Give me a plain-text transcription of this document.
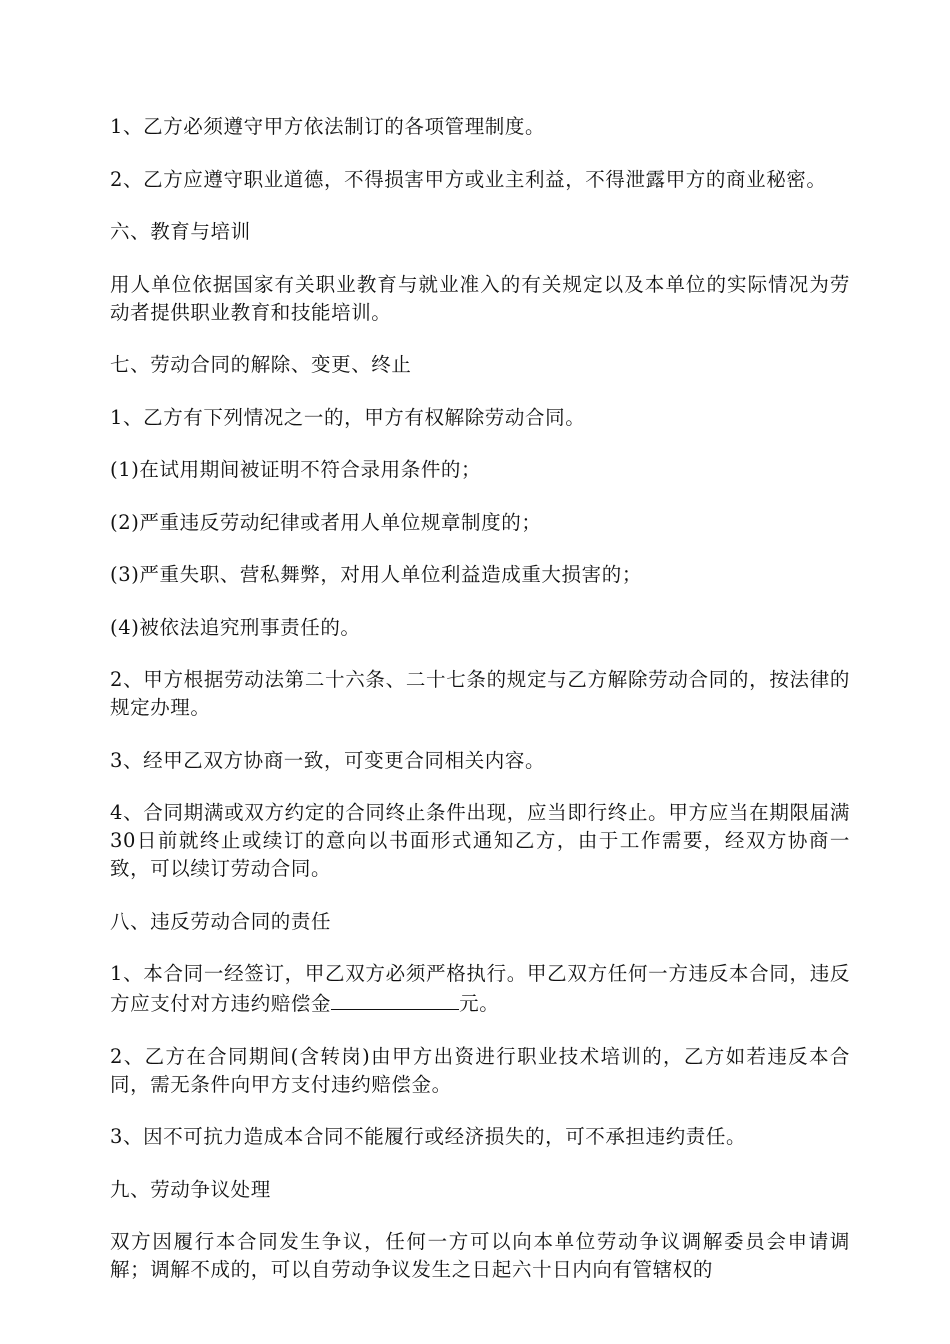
1、乙方必须遵守甲方依法制订的各项管理制度。

2、乙方应遵守职业道德，不得损害甲方或业主利益，不得泄露甲方的商业秘密。

六、教育与培训

用人单位依据国家有关职业教育与就业准入的有关规定以及本单位的实际情况为劳动者提供职业教育和技能培训。

七、劳动合同的解除、变更、终止

1、乙方有下列情况之一的，甲方有权解除劳动合同。

(1)在试用期间被证明不符合录用条件的；

(2)严重违反劳动纪律或者用人单位规章制度的；

(3)严重失职、营私舞弊，对用人单位利益造成重大损害的；

(4)被依法追究刑事责任的。

2、甲方根据劳动法第二十六条、二十七条的规定与乙方解除劳动合同的，按法律的规定办理。

3、经甲乙双方协商一致，可变更合同相关内容。

4、合同期满或双方约定的合同终止条件出现，应当即行终止。甲方应当在期限届满30日前就终止或续订的意向以书面形式通知乙方，由于工作需要，经双方协商一致，可以续订劳动合同。

八、违反劳动合同的责任

1、本合同一经签订，甲乙双方必须严格执行。甲乙双方任何一方违反本合同，违反方应支付对方违约赔偿金	元。

2、乙方在合同期间(含转岗)由甲方出资进行职业技术培训的，乙方如若违反本合同，需无条件向甲方支付违约赔偿金。

3、因不可抗力造成本合同不能履行或经济损失的，可不承担违约责任。

九、劳动争议处理

双方因履行本合同发生争议，任何一方可以向本单位劳动争议调解委员会申请调解；调解不成的，可以自劳动争议发生之日起六十日内向有管辖权的
